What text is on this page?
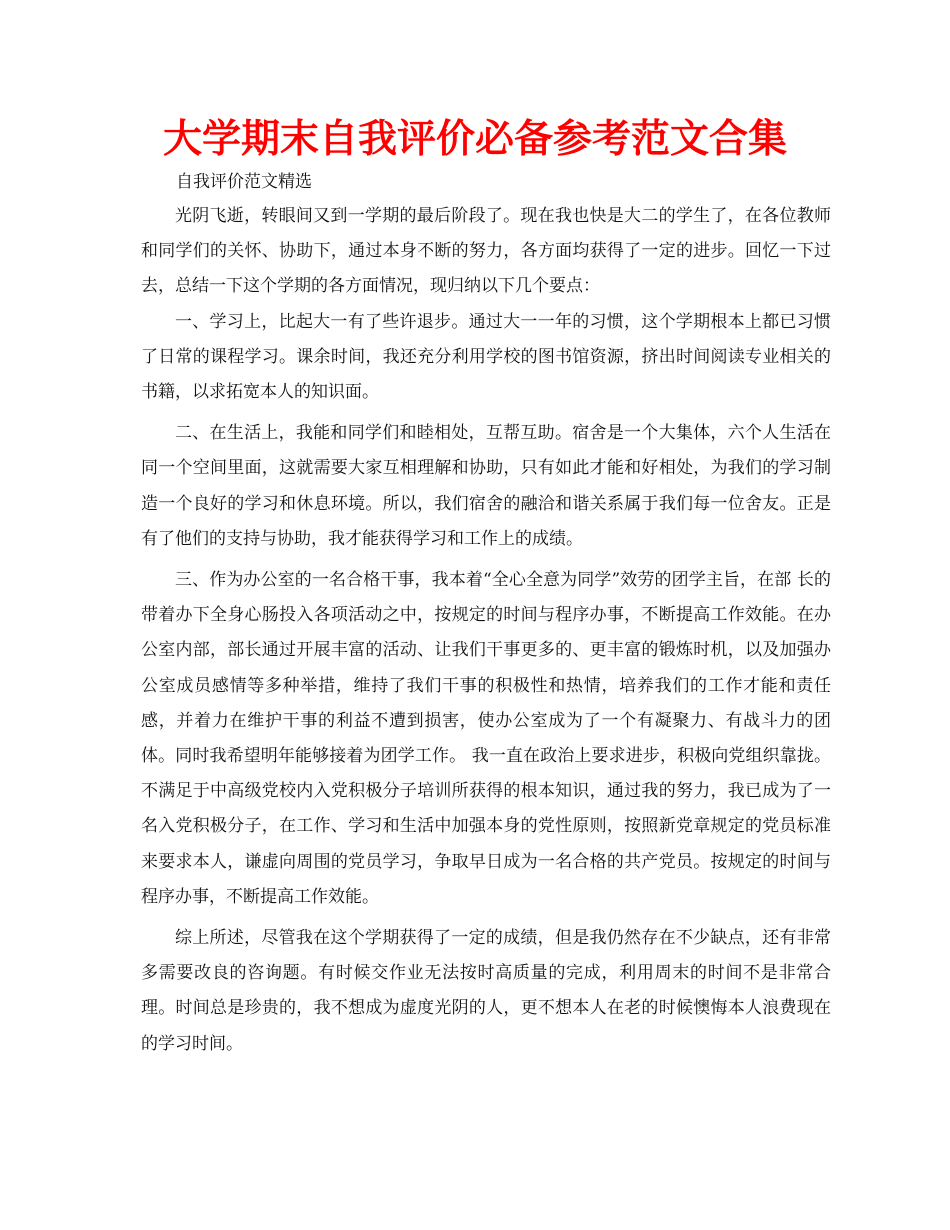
大学期末自我评价必备参考范文合集
自我评价范文精选

光阴飞逝，转眼间又到一学期的最后阶段了。现在我也快是大二的学生了，在各位教师和同学们的关怀、协助下，通过本身不断的努力，各方面均获得了一定的进步。回忆一下过去，总结一下这个学期的各方面情况，现归纳以下几个要点：

一、学习上，比起大一有了些许退步。通过大一一年的习惯，这个学期根本上都已习惯了日常的课程学习。课余时间，我还充分利用学校的图书馆资源，挤出时间阅读专业相关的书籍，以求拓宽本人的知识面。

二、在生活上，我能和同学们和睦相处，互帮互助。宿舍是一个大集体，六个人生活在同一个空间里面，这就需要大家互相理解和协助，只有如此才能和好相处，为我们的学习制造一个良好的学习和休息环境。所以，我们宿舍的融洽和谐关系属于我们每一位舍友。正是有了他们的支持与协助，我才能获得学习和工作上的成绩。

三、作为办公室的一名合格干事，我本着“全心全意为同学”效劳的团学主旨，在部 长的带着办下全身心肠投入各项活动之中，按规定的时间与程序办事，不断提高工作效能。在办公室内部，部长通过开展丰富的活动、让我们干事更多的、更丰富的锻炼时机，以及加强办公室成员感情等多种举措，维持了我们干事的积极性和热情，培养我们的工作才能和责任感，并着力在维护干事的利益不遭到损害，使办公室成为了一个有凝聚力、有战斗力的团体。同时我希望明年能够接着为团学工作。 我一直在政治上要求进步，积极向党组织靠拢。不满足于中高级党校内入党积极分子培训所获得的根本知识，通过我的努力，我已成为了一名入党积极分子，在工作、学习和生活中加强本身的党性原则，按照新党章规定的党员标准来要求本人，谦虚向周围的党员学习，争取早日成为一名合格的共产党员。按规定的时间与程序办事，不断提高工作效能。

综上所述，尽管我在这个学期获得了一定的成绩，但是我仍然存在不少缺点，还有非常多需要改良的咨询题。有时候交作业无法按时高质量的完成，利用周末的时间不是非常合理。时间总是珍贵的，我不想成为虚度光阴的人，更不想本人在老的时候懊悔本人浪费现在的学习时间。
